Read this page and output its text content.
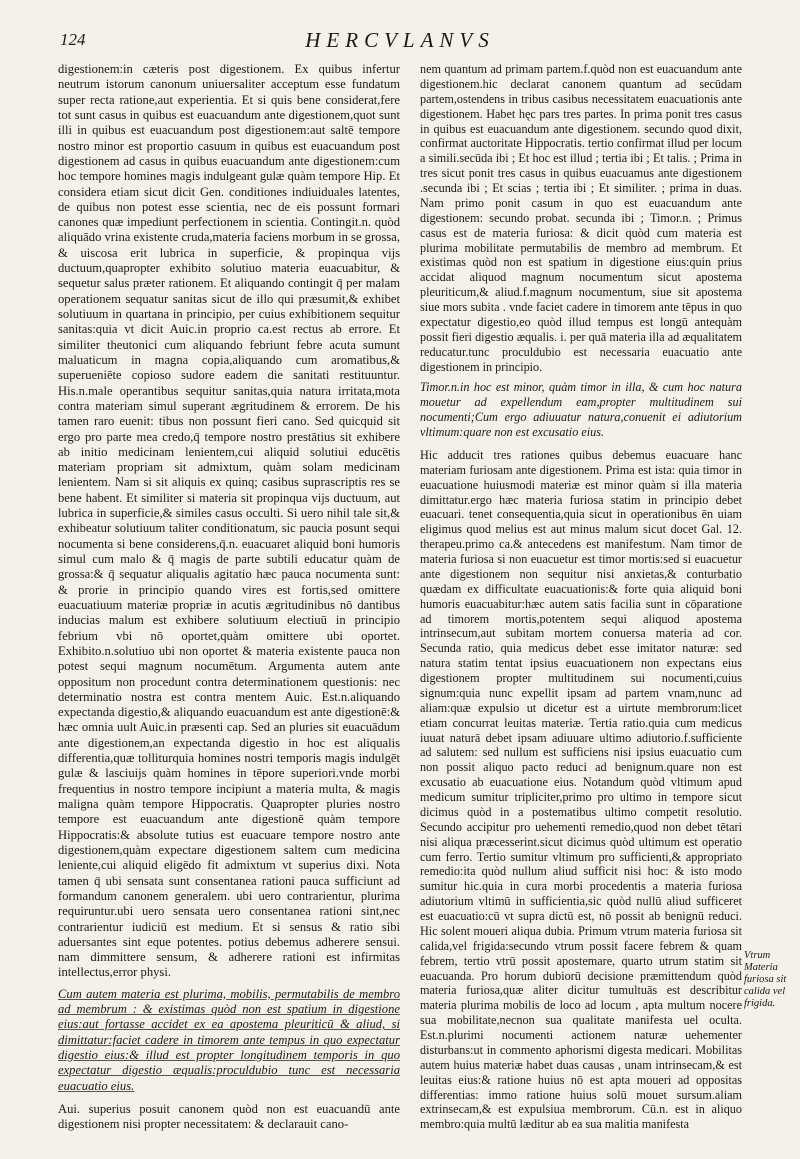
124	HERCVLANVS

digestionem:in cæteris post digestionem. Ex quibus infertur neutrum istorum canonum uniuersaliter acceptum esse fundatum super recta ratione,aut experientia. Et si quis bene considerat,fere tot sunt casus in quibus est euacuandum ante digestionem,quot sunt illi in quibus est euacuandum post digestionem:aut saltē tempore nostro minor est proportio casuum in quibus est euacuandum post digestionem ad casus in quibus euacuandum ante digestionem:cum hoc tempore homines magis indulgeant gulæ quàm tempore Hip. Et considera etiam sicut dicit Gen. conditiones indiuiduales latentes, de quibus non potest esse scientia, nec de eis possunt formari canones quæ impediunt perfectionem in scientia. Contingit.n. quòd aliquādo vrina existente cruda,materia faciens morbum in se grossa, & uiscosa erit lubrica in superficie, & propinqua vijs ductuum,quapropter exhibito solutiuo materia euacuabitur, & sequetur salus præter rationem. Et aliquando contingit q̄ per malam operationem sequatur sanitas sicut de illo qui præsumit,& exhibet solutiuum in quartana in principio, per cuius exhibitionem sequitur sanitas:quia vt dicit Auic.in proprio ca.est rectus ab errore. Et similiter theutonici cum aliquando febriunt febre acuta sumunt maluaticum in magna copia,aliquando cum aromatibus,& superueniēte copioso sudore eadem die sanitati restituuntur. His.n.male operantibus sequitur sanitas,quia natura irritata,mota contra materiam simul superant ægritudinem & errorem. De his tamen raro euenit: tibus non possunt fieri cano. Sed quicquid sit ergo pro parte mea credo,q̄ tempore nostro prestātius sit exhibere ab initio medicinam lenientem,cui aliquid solutiui educētis materiam propriam sit admixtum, quàm solam medicinam lenientem. Nam si sit aliquis ex quinq; casibus suprascriptis res se bene habent. Et similiter si materia sit propinqua vijs ductuum, aut lubrica in superficie,& similes casus occulti. Si uero nihil tale sit,& exhibeatur solutiuum taliter conditionatum, sic paucia posunt sequi nocumenta si bene considerens,q̄.n. euacuaret aliquid boni humoris simul cum malo & q̄ magis de parte subtili educatur quàm de grossa:& q̄ sequatur aliqualis agitatio hæc pauca nocumenta sunt: & prorie in principio quando vires est fortis,sed omittere euacuatiuum materiæ propriæ in acutis ægritudinibus nō dantibus inducias malum est exhibere solutiuum electiuū in principio febrium vbi nō oportet,quàm omittere ubi oportet. Exhibito.n.solutiuo ubi non oportet & materia existente pauca non potest sequi magnum nocumētum. Argumenta autem ante oppositum non procedunt contra determinationem questionis: nec determinatio nostra est contra mentem Auic. Est.n.aliquando expectanda digestio,& aliquando euacuandum est ante digestionē:& hæc omnia uult Auic.in præsenti cap. Sed an pluries sit euacuādum ante digestionem,an expectanda digestio in hoc est aliqualis differentia,quæ tolliturquia homines nostri temporis magis indulgēt gulæ & lasciuijs quàm homines in tēpore superiori.vnde morbi frequentius in nostro tempore incipiunt a materia multa, & magis maligna quàm tempore Hippocratis. Quapropter pluries nostro tempore est euacuandum ante digestionē quàm tempore Hippocratis:& absolute tutius est euacuare tempore nostro ante digestionem,quàm expectare digestionem saltem cum medicina leniente,cui aliquid eligēdo fit admixtum vt superius dixi. Nota tamen q̄ ubi sensata sunt consentanea rationi pauca sufficiunt ad formandum canonem generalem. ubi uero contrarientur, plurima requiruntur.ubi uero sensata uero consentanea rationi sint,nec contrarientur iudiciū est medium. Et si sensus & ratio sibi aduersantes sint eque potentes. potius debemus adherere sensui. nam dimmittere sensum, & adherere rationi est infirmitas intellectus,error physi.

Cum autem materia est plurima, mobilis, permutabilis de membro ad membrum : & existimas quòd non est spatium in digestione eius:aut fortasse accidet ex ea apostema pleuriticū & aliud, si dimittatur:faciet cadere in timorem ante tempus in quo expectatur digestio eius:& illud est propter longitudinem temporis in quo expectatur digestio æqualis:proculdubio tunc est necessaria euacuatio eius.

Aui. superius posuit canonem quòd non est euacuandū ante digestionem nisi propter necessitatem: & declarauit cano-

nem quantum ad primam partem.f.quòd non est euacuandum ante digestionem.hic declarat canonem quantum ad secūdam partem,ostendens in tribus casibus necessitatem euacuationis ante digestionem. Habet hęc pars tres partes. In prima ponit tres casus in quibus est euacuandum ante digestionem. secundo quod dixit, confirmat auctoritate Hippocratis. tertio confirmat illud per locum a simili.secūda ibi ; Et hoc est illud ; tertia ibi ; Et talis. ; Prima in tres sicut ponit tres casus in quibus euacuamus ante digestionem .secunda ibi ; Et scias ; tertia ibi ; Et similiter. ; prima in duas. Nam primo ponit casum in quo est euacuandum ante digestionem: secundo probat. secunda ibi ; Timor.n. ; Primus casus est de materia furiosa: & dicit quòd cum materia est plurima mobilitate permutabilis de membro ad membrum. Et existimas quòd non est spatium in digestione eius:quin prius accidat aliquod magnum nocumentum sicut apostema pleuriticum,& aliud.f.magnum nocumentum, siue sit apostema siue mors subita . vnde faciet cadere in timorem ante tēpus in quo expectatur digestio,eo quòd illud tempus est longū antequàm possit fieri digestio æqualis. i. per quā materia illa ad æqualitatem reducatur.tunc proculdubio est necessaria euacuatio ante digestionem in principio.

Timor.n.in hoc est minor, quàm timor in illa, & cum hoc natura mouetur ad expellendum eam,propter multitudinem sui nocumenti;Cum ergo adiuuatur natura,conuenit ei adiutorium vltimum:quare non est excusatio eius.

Hic adducit tres rationes quibus debemus euacuare hanc materiam furiosam ante digestionem. Prima est ista: quia timor in euacuatione huiusmodi materiæ est minor quàm si illa materia dimittatur.ergo hæc materia furiosa statim in principio debet euacuari. tenet consequentia,quia sicut in operationibus ēn uiam eligimus quod melius est aut minus malum sicut docet Gal. 12. therapeu.primo ca.& antecedens est manifestum. Nam timor de materia furiosa si non euacuetur est timor mortis:sed si euacuetur ante digestionem non sequitur nisi anxietas,& conturbatio quædam ex difficultate euacuationis:& forte quia aliquid boni humoris euacuabitur:hæc autem satis facilia sunt in cōparatione ad timorem mortis,potentem sequi aliquod apostema intrinsecum,aut subitam mortem conuersa materia ad cor. Secunda ratio, quia medicus debet esse imitator naturæ: sed natura statim tentat ipsius euacuationem non expectans eius digestionem propter multitudinem sui nocumenti,cuius signum:quia nunc expellit ipsam ad partem vnam,nunc ad aliam:quæ expulsio ut dicetur est a uirtute membrorum:licet etiam concurrat leuitas materiæ. Tertia ratio.quia cum medicus iuuat naturā debet ipsam adiuuare ultimo adiutorio.f.sufficiente ad salutem: sed nullum est sufficiens nisi ipsius euacuatio cum non possit aliquo pacto reduci ad benignum.quare non est excusatio ab euacuatione eius. Notandum quòd vltimum apud medicum sumitur tripliciter,primo pro ultimo in tempore sicut dicimus quòd in a postematibus ultimo competit resolutio. Secundo accipitur pro uehementi remedio,quod non debet tētari nisi aliqua præcesserint.sicut dicimus quòd ultimum est operatio cum ferro. Tertio sumitur vltimum pro sufficienti,& appropriato remedio:ita quòd nullum aliud sufficit nisi hoc: & isto modo sumitur hic.quia in cura morbi procedentis a materia furiosa adiutorium vltimū in sufficientia,sic quòd nullū aliud sufficeret est euacuatio:cū vt supra dictū est, nō possit ab benignū reduci. Hic solent moueri aliqua dubia. Primum vtrum materia furiosa sit calida,vel frigida:secundo vtrum possit facere febrem & quam febrem, tertio vtrū possit apostemare, quarto utrum statim sit euacuanda. Pro horum dubiorū decisione præmittendum quòd materia furiosa,quæ aliter dicitur tumultuās est describitur materia plurima mobilis de loco ad locum , apta multum nocere sua mobilitate,necnon sua qualitate manifesta uel oculta. Est.n.plurimi nocumenti actionem naturæ uehementer disturbans:ut in commento aphorismi digesta medicari. Mobilitas autem huius materiæ habet duas causas , unam intrinsecam,& est leuitas eius:& ratione huius nō est apta moueri ad oppositas differentias: immo ratione huius solū mouet sursum.aliam extrinsecam,& est expulsiua membrorum. Cū.n. est in aliquo membro:quia multū læditur ab ea sua malitia manifesta

Vtrum Materia furiosa sit calida vel frigida.
